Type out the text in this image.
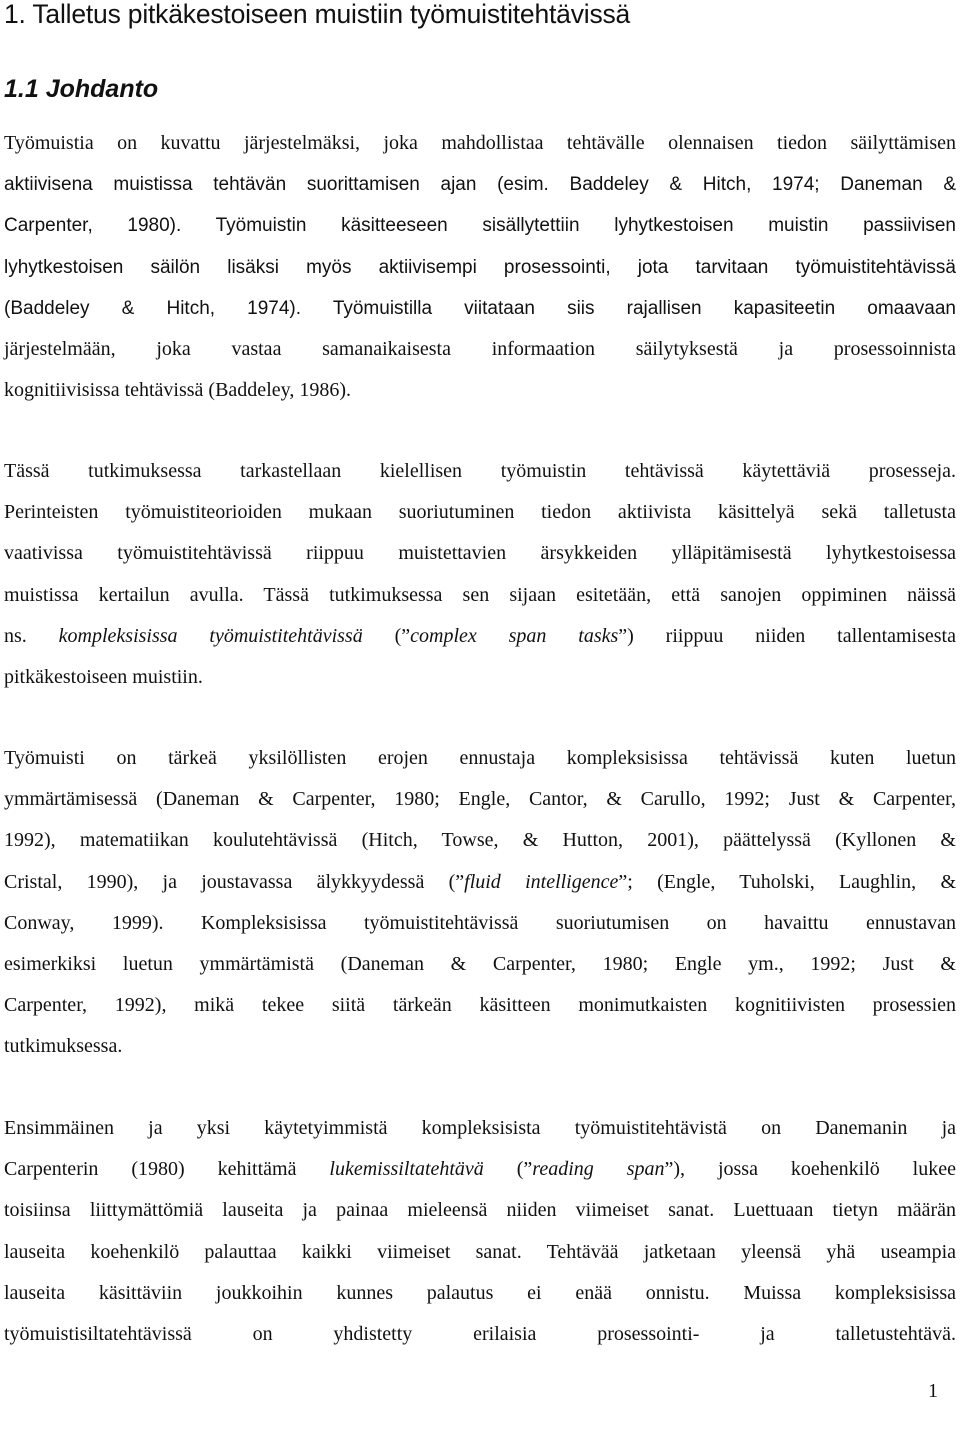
1. Talletus pitkäkestoiseen muistiin työmuistitehtävissä
1.1 Johdanto
Työmuistia on kuvattu järjestelmäksi, joka mahdollistaa tehtävälle olennaisen tiedon säilyttämisen
aktiivisena muistissa tehtävän suorittamisen ajan (esim. Baddeley & Hitch, 1974; Daneman &
Carpenter, 1980). Työmuistin käsitteeseen sisällytettiin lyhytkestoisen muistin passiivisen
lyhytkestoisen säilön lisäksi myös aktiivisempi prosessointi, jota tarvitaan työmuistitehtävissä
(Baddeley & Hitch, 1974). Työmuistilla viitataan siis rajallisen kapasiteetin omaavaan
järjestelmään, joka vastaa samanaikaisesta informaation säilytyksestä ja prosessoinnista
kognitiivisissa tehtävissä (Baddeley, 1986).
Tässä tutkimuksessa tarkastellaan kielellisen työmuistin tehtävissä käytettäviä prosesseja.
Perinteisten työmuistiteorioiden mukaan suoriutuminen tiedon aktiivista käsittelyä sekä talletusta
vaativissa työmuistitehtävissä riippuu muistettavien ärsykkeiden ylläpitämisestä lyhytkestoisessa
muistissa kertailun avulla. Tässä tutkimuksessa sen sijaan esitetään, että sanojen oppiminen näissä
ns. kompleksisissa työmuistitehtävissä (”complex span tasks”) riippuu niiden tallentamisesta
pitkäkestoiseen muistiin.
Työmuisti on tärkeä yksilöllisten erojen ennustaja kompleksisissa tehtävissä kuten luetun
ymmärtämisessä (Daneman & Carpenter, 1980; Engle, Cantor, & Carullo, 1992; Just & Carpenter,
1992), matematiikan koulutehtävissä (Hitch, Towse, & Hutton, 2001), päättelyssä (Kyllonen &
Cristal, 1990), ja joustavassa älykkyydessä (”fluid intelligence”; (Engle, Tuholski, Laughlin, &
Conway, 1999). Kompleksisissa työmuistitehtävissä suoriutumisen on havaittu ennustavan
esimerkiksi luetun ymmärtämistä (Daneman & Carpenter, 1980; Engle ym., 1992; Just &
Carpenter, 1992), mikä tekee siitä tärkeän käsitteen monimutkaisten kognitiivisten prosessien
tutkimuksessa.
Ensimmäinen ja yksi käytetyimmistä kompleksisista työmuistitehtävistä on Danemanin ja
Carpenterin (1980) kehittämä lukemissiltatehtävä (”reading span”), jossa koehenkilö lukee
toisiinsa liittymättömiä lauseita ja painaa mieleensä niiden viimeiset sanat. Luettuaan tietyn määrän
lauseita koehenkilö palauttaa kaikki viimeiset sanat. Tehtävää jatketaan yleensä yhä useampia
lauseita käsittäviin joukkoihin kunnes palautus ei enää onnistu. Muissa kompleksisissa
työmuistisiltatehtävissä on yhdistetty erilaisia prosessointi- ja talletustehtävä.
1
